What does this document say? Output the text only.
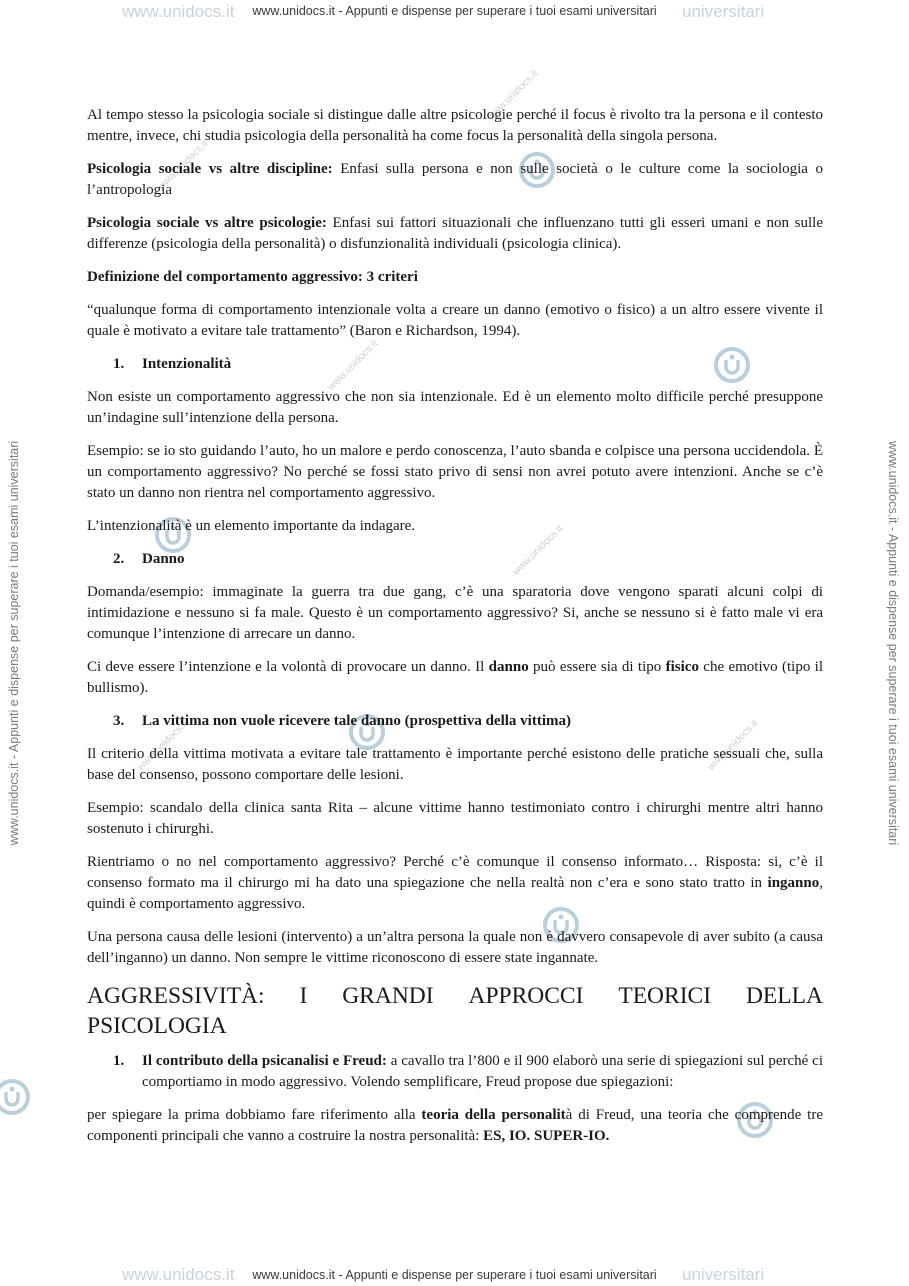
www.unidocs.it	universitari
www.unidocs.it - Appunti e dispense per superare i tuoi esami universitari
www.unidocs.it	universitari
www.unidocs.it - Appunti e dispense per superare i tuoi esami universitari
www.unidocs.it - Appunti e dispense per superare i tuoi esami universitari	www.unidocs.it - Appunti e dispense per superare i tuoi esami universitari
www.unidocs.it
www.unidocs.it
www.unidocs.it
www.unidocs.it
www.unidocs.it
www.unidocs.it

Al tempo stesso la psicologia sociale si distingue dalle altre psicologie perché il focus è rivolto tra la persona e il contesto mentre, invece, chi studia psicologia della personalità ha come focus la personalità della singola persona.

Psicologia sociale vs altre discipline: Enfasi sulla persona e non sulle società o le culture come la sociologia o l’antropologia

Psicologia sociale vs altre psicologie: Enfasi sui fattori situazionali che influenzano tutti gli esseri umani e non sulle differenze (psicologia della personalità) o disfunzionalità individuali (psicologia clinica).

Definizione del comportamento aggressivo: 3 criteri

“qualunque forma di comportamento intenzionale volta a creare un danno (emotivo o fisico) a un altro essere vivente il quale è motivato a evitare tale trattamento” (Baron e Richardson, 1994).

1. Intenzionalità

Non esiste un comportamento aggressivo che non sia intenzionale. Ed è un elemento molto difficile perché presuppone un’indagine sull’intenzione della persona.

Esempio: se io sto guidando l’auto, ho un malore e perdo conoscenza, l’auto sbanda e colpisce una persona uccidendola. È un comportamento aggressivo? No perché se fossi stato privo di sensi non avrei potuto avere intenzioni. Anche se c’è stato un danno non rientra nel comportamento aggressivo.

L’intenzionalità è un elemento importante da indagare.

2. Danno

Domanda/esempio: immaginate la guerra tra due gang, c’è una sparatoria dove vengono sparati alcuni colpi di intimidazione e nessuno si fa male. Questo è un comportamento aggressivo? Si, anche se nessuno si è fatto male vi era comunque l’intenzione di arrecare un danno.

Ci deve essere l’intenzione e la volontà di provocare un danno. Il danno può essere sia di tipo fisico che emotivo (tipo il bullismo).

3. La vittima non vuole ricevere tale danno (prospettiva della vittima)

Il criterio della vittima motivata a evitare tale trattamento è importante perché esistono delle pratiche sessuali che, sulla base del consenso, possono comportare delle lesioni.

Esempio: scandalo della clinica santa Rita – alcune vittime hanno testimoniato contro i chirurghi mentre altri hanno sostenuto i chirurghi.

Rientriamo o no nel comportamento aggressivo? Perché c’è comunque il consenso informato… Risposta: si, c’è il consenso formato ma il chirurgo mi ha dato una spiegazione che nella realtà non c’era e sono stato tratto in inganno, quindi è comportamento aggressivo.

Una persona causa delle lesioni (intervento) a un’altra persona la quale non è davvero consapevole di aver subito (a causa dell’inganno) un danno. Non sempre le vittime riconoscono di essere state ingannate.

AGGRESSIVITÀ: I GRANDI APPROCCI TEORICI DELLA
PSICOLOGIA
1. Il contributo della psicanalisi e Freud: a cavallo tra l’800 e il 900 elaborò una serie di spiegazioni sul perché ci comportiamo in modo aggressivo. Volendo semplificare, Freud propose due spiegazioni:

per spiegare la prima dobbiamo fare riferimento alla teoria della personalità di Freud, una teoria che comprende tre componenti principali che vanno a costruire la nostra personalità: ES, IO. SUPER-IO.
